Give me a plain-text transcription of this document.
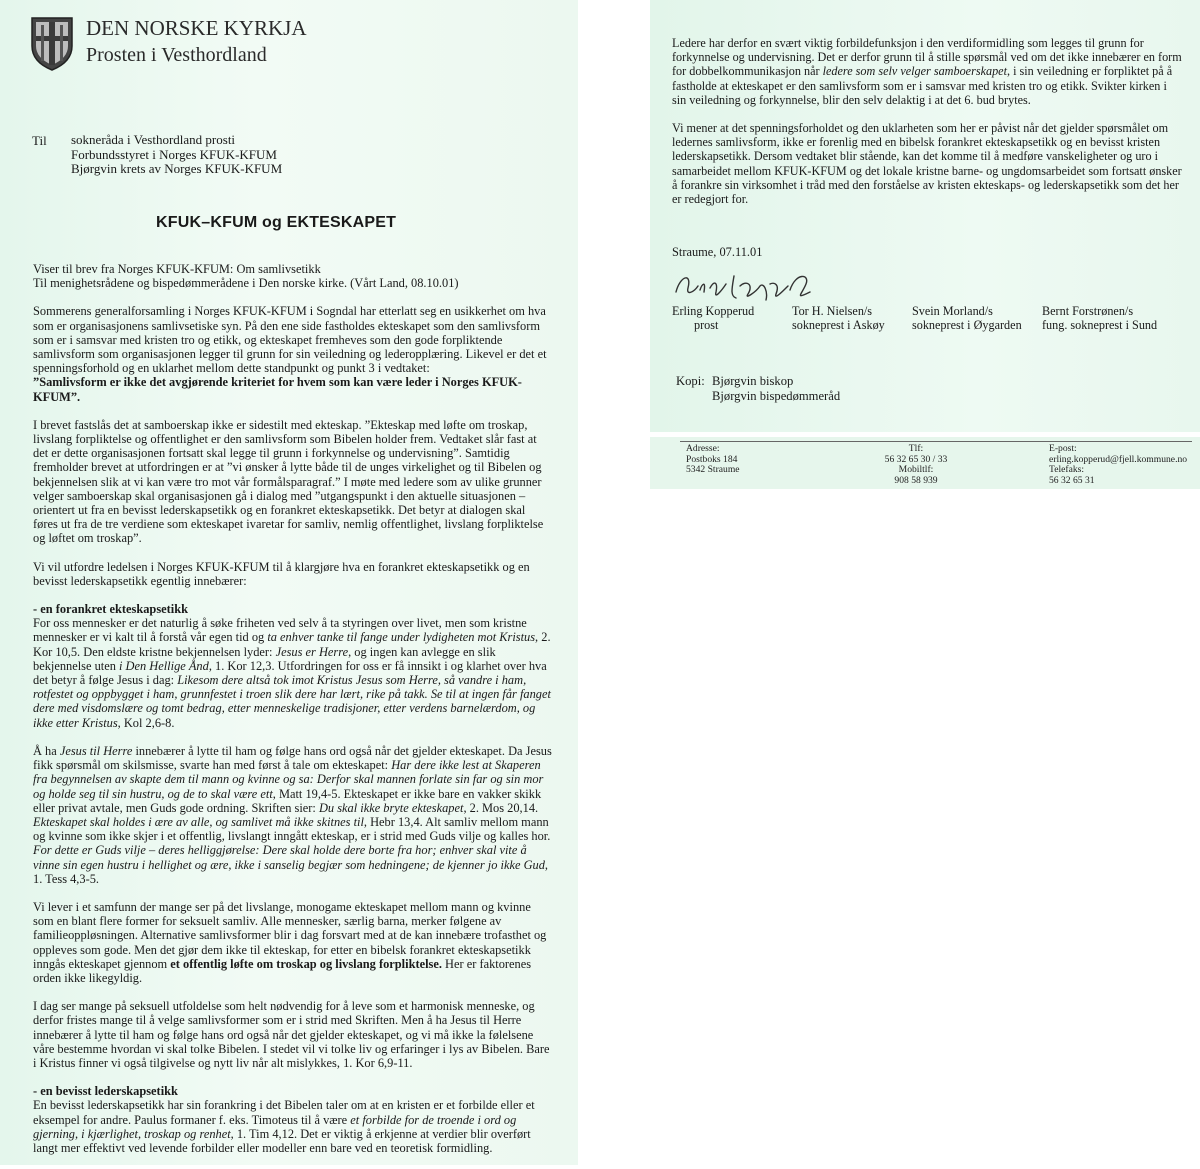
DEN NORSKE KYRKJA
Prosten i Vesthordland
Til sokneråda i Vesthordland prosti
Forbundsstyret i Norges KFUK-KFUM
Bjørgvin krets av Norges KFUK-KFUM
KFUK–KFUM og EKTESKAPET

Viser til brev fra Norges KFUK-KFUM: Om samlivsetikk
Til menighetsrådene og bispedømmerådene i Den norske kirke. (Vårt Land, 08.10.01)

Sommerens generalforsamling i Norges KFUK-KFUM i Sogndal har etterlatt seg en usikkerhet om hva som er organisasjonens samlivsetiske syn. På den ene side fastholdes ekteskapet som den samlivsform som er i samsvar med kristen tro og etikk, og ekteskapet fremheves som den gode forpliktende samlivsform som organisasjonen legger til grunn for sin veiledning og lederopplæring. Likevel er det et spenningsforhold og en uklarhet mellom dette standpunkt og punkt 3 i vedtaket:
”Samlivsform er ikke det avgjørende kriteriet for hvem som kan være leder i Norges KFUK-KFUM”.

I brevet fastslås det at samboerskap ikke er sidestilt med ekteskap. ”Ekteskap med løfte om troskap, livslang forpliktelse og offentlighet er den samlivsform som Bibelen holder frem. Vedtaket slår fast at det er dette organisasjonen fortsatt skal legge til grunn i forkynnelse og undervisning”. Samtidig fremholder brevet at utfordringen er at ”vi ønsker å lytte både til de unges virkelighet og til Bibelen og bekjennelsen slik at vi kan være tro mot vår formålsparagraf.” I møte med ledere som av ulike grunner velger samboerskap skal organisasjonen gå i dialog med ”utgangspunkt i den aktuelle situasjonen – orientert ut fra en bevisst lederskapsetikk og en forankret ekteskapsetikk. Det betyr at dialogen skal føres ut fra de tre verdiene som ekteskapet ivaretar for samliv, nemlig offentlighet, livslang forpliktelse og løftet om troskap”.

Vi vil utfordre ledelsen i Norges KFUK-KFUM til å klargjøre hva en forankret ekteskapsetikk og en bevisst lederskapsetikk egentlig innebærer:

- en forankret ekteskapsetikk

For oss mennesker er det naturlig å søke friheten ved selv å ta styringen over livet, men som kristne mennesker er vi kalt til å forstå vår egen tid og ta enhver tanke til fange under lydigheten mot Kristus, 2. Kor 10,5. Den eldste kristne bekjennelsen lyder: Jesus er Herre, og ingen kan avlegge en slik bekjennelse uten i Den Hellige Ånd, 1. Kor 12,3. Utfordringen for oss er få innsikt i og klarhet over hva det betyr å følge Jesus i dag: Likesom dere altså tok imot Kristus Jesus som Herre, så vandre i ham, rotfestet og oppbygget i ham, grunnfestet i troen slik dere har lært, rike på takk. Se til at ingen får fanget dere med visdomslære og tomt bedrag, etter menneskelige tradisjoner, etter verdens barnelærdom, og ikke etter Kristus, Kol 2,6-8.

Å ha Jesus til Herre innebærer å lytte til ham og følge hans ord også når det gjelder ekteskapet. Da Jesus fikk spørsmål om skilsmisse, svarte han med først å tale om ekteskapet: Har dere ikke lest at Skaperen fra begynnelsen av skapte dem til mann og kvinne og sa: Derfor skal mannen forlate sin far og sin mor og holde seg til sin hustru, og de to skal være ett, Matt 19,4-5. Ekteskapet er ikke bare en vakker skikk eller privat avtale, men Guds gode ordning. Skriften sier: Du skal ikke bryte ekteskapet, 2. Mos 20,14. Ekteskapet skal holdes i ære av alle, og samlivet må ikke skitnes til, Hebr 13,4. Alt samliv mellom mann og kvinne som ikke skjer i et offentlig, livslangt inngått ekteskap, er i strid med Guds vilje og kalles hor. For dette er Guds vilje – deres helliggjørelse: Dere skal holde dere borte fra hor; enhver skal vite å vinne sin egen hustru i hellighet og ære, ikke i sanselig begjær som hedningene; de kjenner jo ikke Gud, 1. Tess 4,3-5.

Vi lever i et samfunn der mange ser på det livslange, monogame ekteskapet mellom mann og kvinne som en blant flere former for seksuelt samliv. Alle mennesker, særlig barna, merker følgene av familieoppløsningen. Alternative samlivsformer blir i dag forsvart med at de kan innebære trofasthet og oppleves som gode. Men det gjør dem ikke til ekteskap, for etter en bibelsk forankret ekteskapsetikk inngås ekteskapet gjennom et offentlig løfte om troskap og livslang forpliktelse. Her er faktorenes orden ikke likegyldig.

I dag ser mange på seksuell utfoldelse som helt nødvendig for å leve som et harmonisk menneske, og derfor fristes mange til å velge samlivsformer som er i strid med Skriften. Men å ha Jesus til Herre innebærer å lytte til ham og følge hans ord også når det gjelder ekteskapet, og vi må ikke la følelsene våre bestemme hvordan vi skal tolke Bibelen. I stedet vil vi tolke liv og erfaringer i lys av Bibelen. Bare i Kristus finner vi også tilgivelse og nytt liv når alt mislykkes, 1. Kor 6,9-11.

- en bevisst lederskapsetikk

En bevisst lederskapsetikk har sin forankring i det Bibelen taler om at en kristen er et forbilde eller et eksempel for andre. Paulus formaner f. eks. Timoteus til å være et forbilde for de troende i ord og gjerning, i kjærlighet, troskap og renhet, 1. Tim 4,12. Det er viktig å erkjenne at verdier blir overført langt mer effektivt ved levende forbilder eller modeller enn bare ved en teoretisk formidling.

Ledere har derfor en svært viktig forbildefunksjon i den verdiformidling som legges til grunn for forkynnelse og undervisning. Det er derfor grunn til å stille spørsmål ved om det ikke innebærer en form for dobbelkommunikasjon når ledere som selv velger samboerskapet, i sin veiledning er forpliktet på å fastholde at ekteskapet er den samlivsform som er i samsvar med kristen tro og etikk. Svikter kirken i sin veiledning og forkynnelse, blir den selv delaktig i at det 6. bud brytes.

Vi mener at det spenningsforholdet og den uklarheten som her er påvist når det gjelder spørsmålet om ledernes samlivsform, ikke er forenlig med en bibelsk forankret ekteskapsetikk og en bevisst kristen lederskapsetikk. Dersom vedtaket blir stående, kan det komme til å medføre vanskeligheter og uro i samarbeidet mellom KFUK-KFUM og det lokale kristne barne- og ungdomsarbeidet som fortsatt ønsker å forankre sin virksomhet i tråd med den forståelse av kristen ekteskaps- og lederskapsetikk som det her er redegjort for.

Straume, 07.11.01
Erling Kopperud
prost
Tor H. Nielsen/s
sokneprest i Askøy
Svein Morland/s
sokneprest i Øygarden
Bernt Forstrønen/s
fung. sokneprest i Sund
Kopi: Bjørgvin biskop
Bjørgvin bispedømmeråd
Adresse:
Postboks 184
5342 Straume
Tlf:
56 32 65 30 / 33
Mobiltlf:
908 58 939
E-post:
erling.kopperud@fjell.kommune.no
Telefaks:
56 32 65 31
